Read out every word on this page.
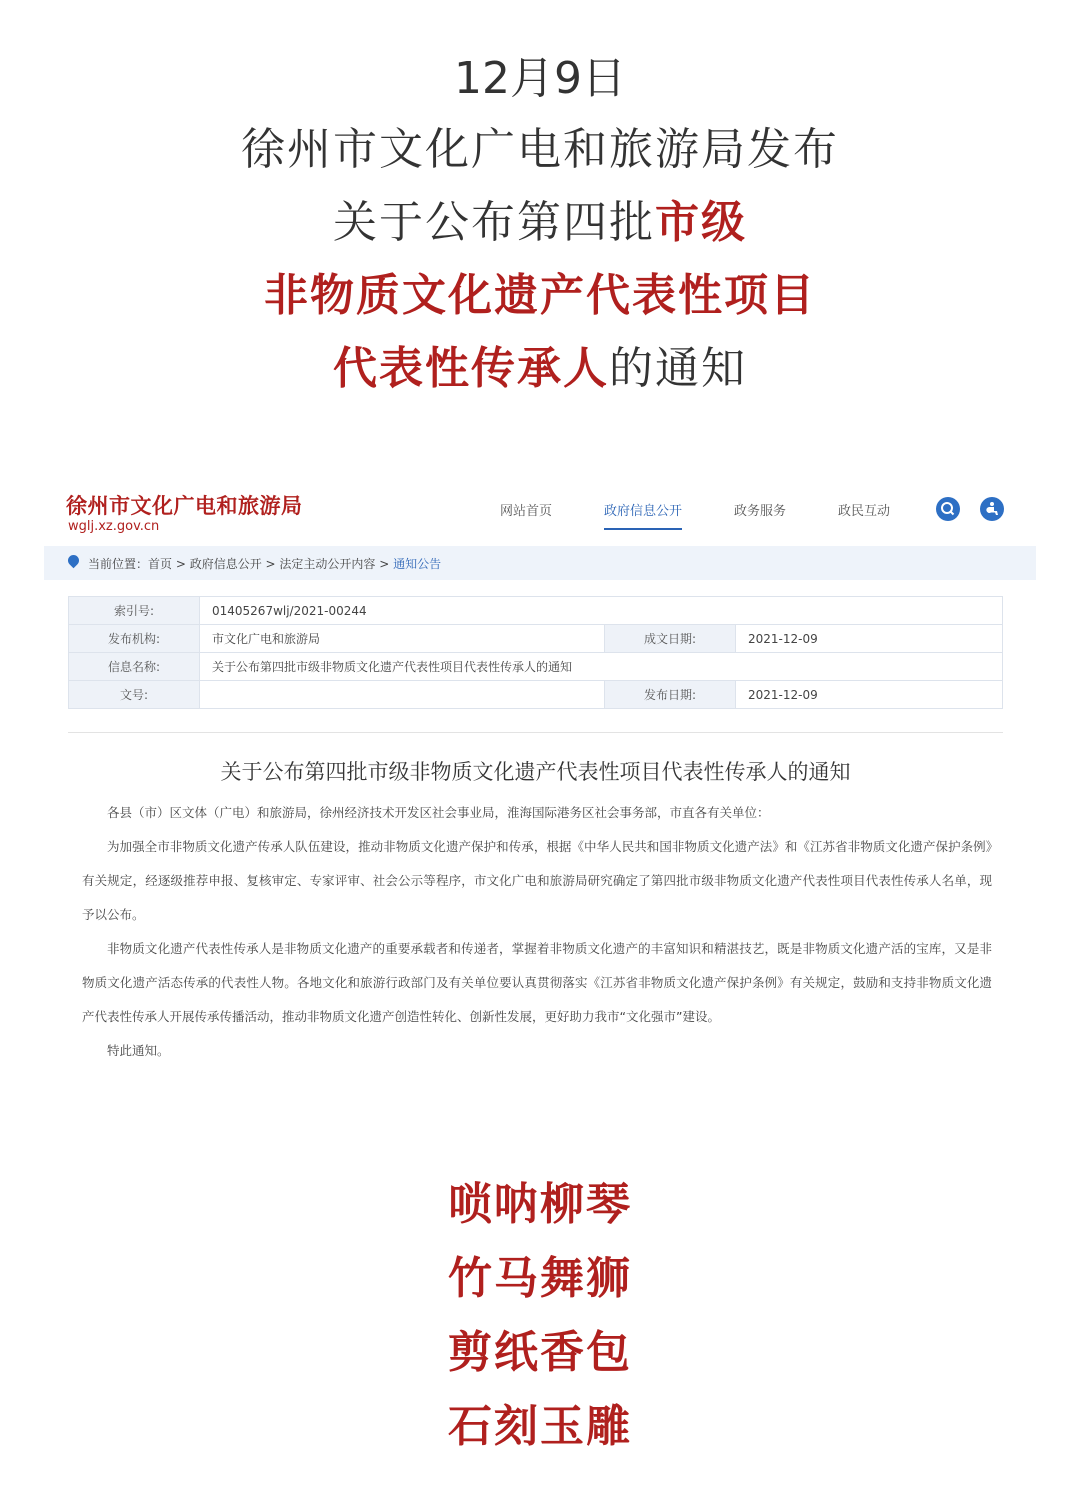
12月9日
徐州市文化广电和旅游局发布
关于公布第四批市级
非物质文化遗产代表性项目
代表性传承人的通知
徐州市文化广电和旅游局
wglj.xz.gov.cn
网站首页	政府信息公开	政务服务	政民互动
当前位置：首页 > 政府信息公开 > 法定主动公开内容 > 通知公告
索引号:	01405267wlj/2021-00244		
发布机构:	市文化广电和旅游局	成文日期:	2021-12-09
信息名称:	关于公布第四批市级非物质文化遗产代表性项目代表性传承人的通知		
文号:		发布日期:	2021-12-09
关于公布第四批市级非物质文化遗产代表性项目代表性传承人的通知

各县（市）区文体（广电）和旅游局，徐州经济技术开发区社会事业局，淮海国际港务区社会事务部，市直各有关单位：

为加强全市非物质文化遗产传承人队伍建设，推动非物质文化遗产保护和传承，根据《中华人民共和国非物质文化遗产法》和《江苏省非物质文化遗产保护条例》有关规定，经逐级推荐申报、复核审定、专家评审、社会公示等程序，市文化广电和旅游局研究确定了第四批市级非物质文化遗产代表性项目代表性传承人名单，现予以公布。

非物质文化遗产代表性传承人是非物质文化遗产的重要承载者和传递者，掌握着非物质文化遗产的丰富知识和精湛技艺，既是非物质文化遗产活的宝库，又是非物质文化遗产活态传承的代表性人物。各地文化和旅游行政部门及有关单位要认真贯彻落实《江苏省非物质文化遗产保护条例》有关规定，鼓励和支持非物质文化遗产代表性传承人开展传承传播活动，推动非物质文化遗产创造性转化、创新性发展，更好助力我市“文化强市”建设。

特此通知。

唢呐柳琴
竹马舞狮
剪纸香包
石刻玉雕
